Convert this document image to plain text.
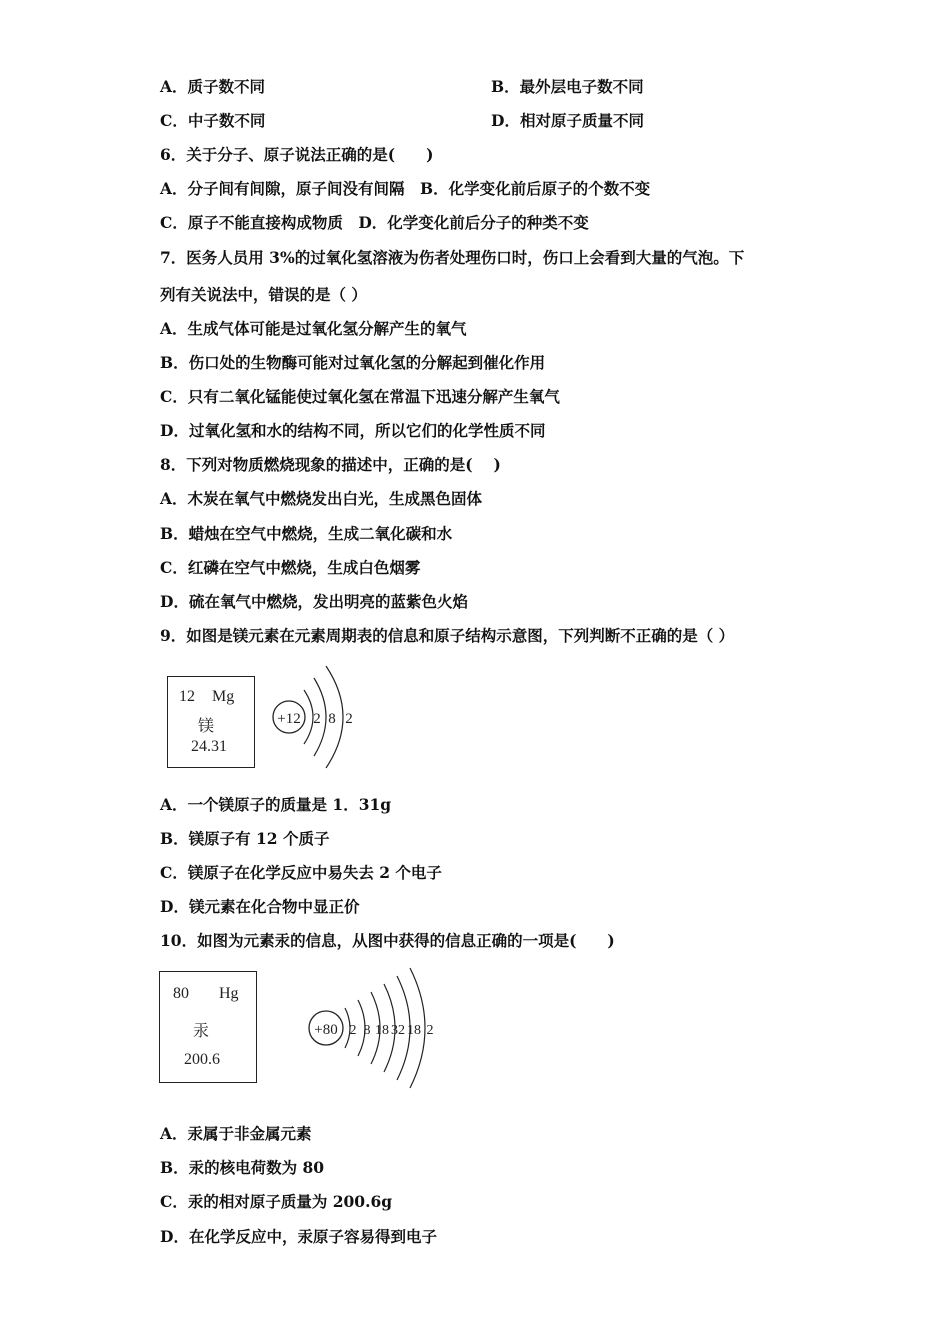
A．质子数不同	B．最外层电子数不同
C．中子数不同	D．相对原子质量不同
6．关于分子、原子说法正确的是(　　)
A．分子间有间隙，原子间没有间隔　B．化学变化前后原子的个数不变
C．原子不能直接构成物质　D．化学变化前后分子的种类不变
7．医务人员用 3%的过氧化氢溶液为伤者处理伤口时，伤口上会看到大量的气泡。下
列有关说法中，错误的是（ ）
A．生成气体可能是过氧化氢分解产生的氧气
B．伤口处的生物酶可能对过氧化氢的分解起到催化作用
C．只有二氧化锰能使过氧化氢在常温下迅速分解产生氧气
D．过氧化氢和水的结构不同，所以它们的化学性质不同
8．下列对物质燃烧现象的描述中，正确的是(　 )
A．木炭在氧气中燃烧发出白光，生成黑色固体
B．蜡烛在空气中燃烧，生成二氧化碳和水
C．红磷在空气中燃烧，生成白色烟雾
D．硫在氧气中燃烧，发出明亮的蓝紫色火焰
9．如图是镁元素在元素周期表的信息和原子结构示意图，下列判断不正确的是（ ）
12 Mg
镁
24.31
+12 2 8 2
A．一个镁原子的质量是 1．31g
B．镁原子有 12 个质子
C．镁原子在化学反应中易失去 2 个电子
D．镁元素在化合物中显正价
10．如图为元素汞的信息，从图中获得的信息正确的一项是(　　)
80 Hg
汞
200.6
+80 2 8 18 32 18 2
A．汞属于非金属元素
B．汞的核电荷数为 80
C．汞的相对原子质量为 200.6g
D．在化学反应中，汞原子容易得到电子
